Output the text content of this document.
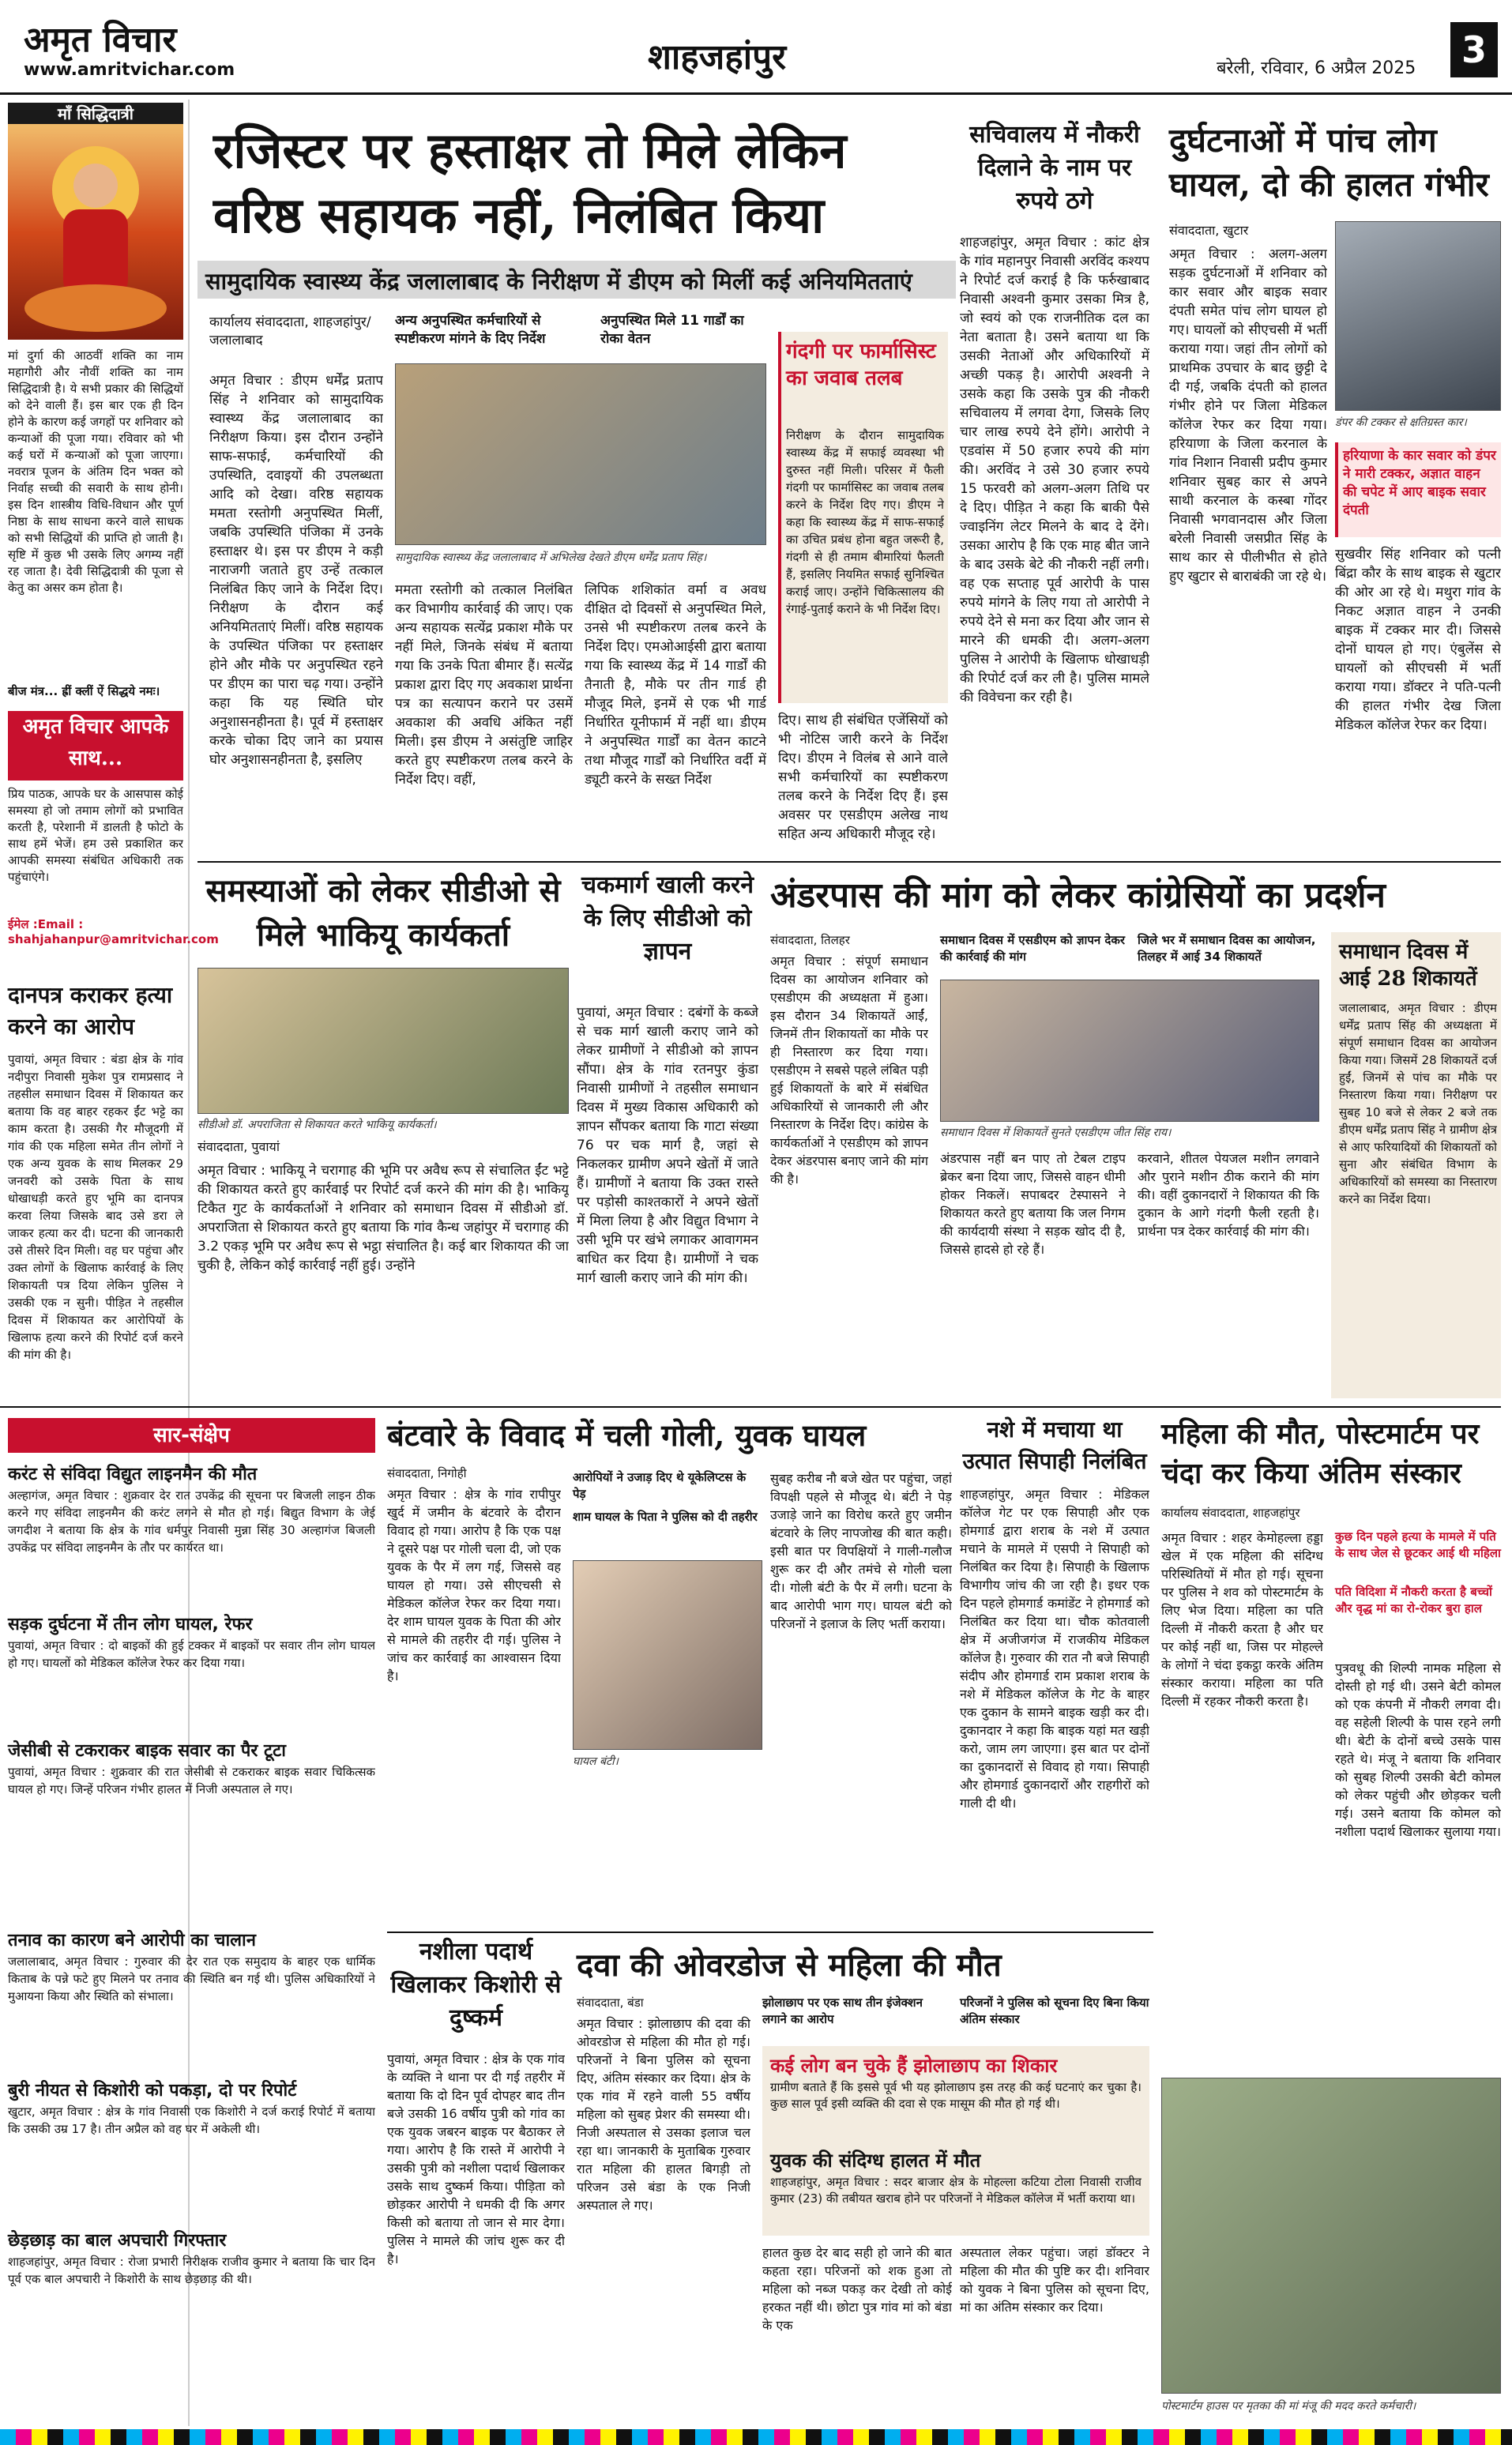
अमृत विचार
www.amritvichar.com	शाहजहांपुर	बरेली, रविवार, 6 अप्रैल 2025	3
माँ सिद्धिदात्री
मां दुर्गा की आठवीं शक्ति का नाम महागौरी और नौवीं शक्ति का नाम सिद्धिदात्री है। ये सभी प्रकार की सिद्धियों को देने वाली हैं। इस बार एक ही दिन होने के कारण कई जगहों पर शनिवार को कन्याओं की पूजा गया। रविवार को भी कई घरों में कन्याओं को पूजा जाएगा। नवरात्र पूजन के अंतिम दिन भक्त को निर्वाह सच्ची की सवारी के साथ होनी। इस दिन शास्त्रीय विधि-विधान और पूर्ण निष्ठा के साथ साधना करने वाले साधक को सभी सिद्धियों की प्राप्ति हो जाती है। सृष्टि में कुछ भी उसके लिए अगम्य नहीं रह जाता है। देवी सिद्धिदात्री की पूजा से केतु का असर कम होता है।
बीज मंत्र... ह्रीं क्लीं ऐं सिद्धये नमः।
अमृत विचार आपके साथ...
प्रिय पाठक, आपके घर के आसपास कोई समस्या हो जो तमाम लोगों को प्रभावित करती है, परेशानी में डालती है फोटो के साथ हमें भेजें। हम उसे प्रकाशित कर आपकी समस्या संबंधित अधिकारी तक पहुंचाएंगे।
ईमेल :Email : shahjahanpur@amritvichar.com
दानपत्र कराकर हत्या करने का आरोप
पुवायां, अमृत विचार : बंडा क्षेत्र के गांव नदीपुरा निवासी मुकेश पुत्र रामप्रसाद ने तहसील समाधान दिवस में शिकायत कर बताया कि वह बाहर रहकर ईंट भट्टे का काम करता है। उसकी गैर मौजूदगी में गांव की एक महिला समेत तीन लोगों ने एक अन्य युवक के साथ मिलकर 29 जनवरी को उसके पिता के साथ धोखाधड़ी करते हुए भूमि का दानपत्र करवा लिया जिसके बाद उसे डरा ले जाकर हत्या कर दी। घटना की जानकारी उसे तीसरे दिन मिली। वह घर पहुंचा और उक्त लोगों के खिलाफ कार्रवाई के लिए शिकायती पत्र दिया लेकिन पुलिस ने उसकी एक न सुनी। पीड़ित ने तहसील दिवस में शिकायत कर आरोपियों के खिलाफ हत्या करने की रिपोर्ट दर्ज करने की मांग की है।
रजिस्टर पर हस्ताक्षर तो मिले लेकिन वरिष्ठ सहायक नहीं, निलंबित किया
सामुदायिक स्वास्थ्य केंद्र जलालाबाद के निरीक्षण में डीएम को मिलीं कई अनियमितताएं
कार्यालय संवाददाता, शाहजहांपुर/जलालाबाद
अन्य अनुपस्थित कर्मचारियों से स्पष्टीकरण मांगने के दिए निर्देश
अनुपस्थित मिले 11 गार्डों का रोका वेतन
सामुदायिक स्वास्थ्य केंद्र जलालाबाद में अभिलेख देखते डीएम धर्मेंद्र प्रताप सिंह।
अमृत विचार : डीएम धर्मेंद्र प्रताप सिंह ने शनिवार को सामुदायिक स्वास्थ्य केंद्र जलालाबाद का निरीक्षण किया। इस दौरान उन्होंने साफ-सफाई, कर्मचारियों की उपस्थिति, दवाइयों की उपलब्धता आदि को देखा। वरिष्ठ सहायक ममता रस्तोगी अनुपस्थित मिलीं, जबकि उपस्थिति पंजिका में उनके हस्ताक्षर थे। इस पर डीएम ने कड़ी नाराजगी जताते हुए उन्हें तत्काल निलंबित किए जाने के निर्देश दिए। निरीक्षण के दौरान कई अनियमितताएं मिलीं। वरिष्ठ सहायक के उपस्थित पंजिका पर हस्ताक्षर होने और मौके पर अनुपस्थित रहने पर डीएम का पारा चढ़ गया। उन्होंने कहा कि यह स्थिति घोर अनुशासनहीनता है। पूर्व में हस्ताक्षर करके चोका दिए जाने का प्रयास घोर अनुशासनहीनता है, इसलिए
ममता रस्तोगी को तत्काल निलंबित कर विभागीय कार्रवाई की जाए। एक अन्य सहायक सत्येंद्र प्रकाश मौके पर नहीं मिले, जिनके संबंध में बताया गया कि उनके पिता बीमार हैं। सत्येंद्र प्रकाश द्वारा दिए गए अवकाश प्रार्थना पत्र का सत्यापन कराने पर उसमें अवकाश की अवधि अंकित नहीं मिली। इस डीएम ने असंतुष्टि जाहिर करते हुए स्पष्टीकरण तलब करने के निर्देश दिए। वहीं,
लिपिक शशिकांत वर्मा व अवध दीक्षित दो दिवसों से अनुपस्थित मिले, उनसे भी स्पष्टीकरण तलब करने के निर्देश दिए। एमओआईसी द्वारा बताया गया कि स्वास्थ्य केंद्र में 14 गार्डों की तैनाती है, मौके पर तीन गार्ड ही मौजूद मिले, इनमें से एक भी गार्ड निर्धारित यूनीफार्म में नहीं था। डीएम ने अनुपस्थित गार्डों का वेतन काटने तथा मौजूद गार्डों को निर्धारित वर्दी में ड्यूटी करने के सख्त निर्देश
गंदगी पर फार्मासिस्ट का जवाब तलब
निरीक्षण के दौरान सामुदायिक स्वास्थ्य केंद्र में सफाई व्यवस्था भी दुरुस्त नहीं मिली। परिसर में फैली गंदगी पर फार्मासिस्ट का जवाब तलब करने के निर्देश दिए गए। डीएम ने कहा कि स्वास्थ्य केंद्र में साफ-सफाई का उचित प्रबंध होना बहुत जरूरी है, गंदगी से ही तमाम बीमारियां फैलती हैं, इसलिए नियमित सफाई सुनिश्चित कराई जाए। उन्होंने चिकित्सालय की रंगाई-पुताई कराने के भी निर्देश दिए।
दिए। साथ ही संबंधित एजेंसियों को भी नोटिस जारी करने के निर्देश दिए। डीएम ने विलंब से आने वाले सभी कर्मचारियों का स्पष्टीकरण तलब करने के निर्देश दिए हैं। इस अवसर पर एसडीएम अलेख नाथ सहित अन्य अधिकारी मौजूद रहे।
सचिवालय में नौकरी दिलाने के नाम पर रुपये ठगे
शाहजहांपुर, अमृत विचार : कांट क्षेत्र के गांव महानपुर निवासी अरविंद कश्यप ने रिपोर्ट दर्ज कराई है कि फर्रुखाबाद निवासी अश्वनी कुमार उसका मित्र है, जो स्वयं को एक राजनीतिक दल का नेता बताता है। उसने बताया था कि उसकी नेताओं और अधिकारियों में अच्छी पकड़ है। आरोपी अश्वनी ने उसके कहा कि उसके पुत्र की नौकरी सचिवालय में लगवा देगा, जिसके लिए चार लाख रुपये देने होंगे। आरोपी ने एडवांस में 50 हजार रुपये की मांग की। अरविंद ने उसे 30 हजार रुपये 15 फरवरी को अलग-अलग तिथि पर दे दिए। पीड़ित ने कहा कि बाकी पैसे ज्वाइनिंग लेटर मिलने के बाद दे देंगे। उसका आरोप है कि एक माह बीत जाने के बाद उसके बेटे की नौकरी नहीं लगी। वह एक सप्ताह पूर्व आरोपी के पास रुपये मांगने के लिए गया तो आरोपी ने रुपये देने से मना कर दिया और जान से मारने की धमकी दी। अलग-अलग पुलिस ने आरोपी के खिलाफ धोखाधड़ी की रिपोर्ट दर्ज कर ली है। पुलिस मामले की विवेचना कर रही है।
दुर्घटनाओं में पांच लोग घायल, दो की हालत गंभीर
संवाददाता, खुटार
डंपर की टक्कर से क्षतिग्रस्त कार।
अमृत विचार : अलग-अलग सड़क दुर्घटनाओं में शनिवार को कार सवार और बाइक सवार दंपती समेत पांच लोग घायल हो गए। घायलों को सीएचसी में भर्ती कराया गया। जहां तीन लोगों को प्राथमिक उपचार के बाद छुट्टी दे दी गई, जबकि दंपती को हालत गंभीर होने पर जिला मेडिकल कॉलेज रेफर कर दिया गया। हरियाणा के जिला करनाल के गांव निशान निवासी प्रदीप कुमार शनिवार सुबह कार से अपने साथी करनाल के कस्बा गोंदर निवासी भगवानदास और जिला बरेली निवासी जसप्रीत सिंह के साथ कार से पीलीभीत से होते हुए खुटार से बाराबंकी जा रहे थे।
हरियाणा के कार सवार को डंपर ने मारी टक्कर, अज्ञात वाहन की चपेट में आए बाइक सवार दंपती
सुखवीर सिंह शनिवार को पत्नी बिंद्रा कौर के साथ बाइक से खुटार की ओर आ रहे थे। मथुरा गांव के निकट अज्ञात वाहन ने उनकी बाइक में टक्कर मार दी। जिससे दोनों घायल हो गए। एंबुलेंस से घायलों को सीएचसी में भर्ती कराया गया। डॉक्टर ने पति-पत्नी की हालत गंभीर देख जिला मेडिकल कॉलेज रेफर कर दिया।
समस्याओं को लेकर सीडीओ से मिले भाकियू कार्यकर्ता
सीडीओ डॉ. अपराजिता से शिकायत करते भाकियू कार्यकर्ता।
संवाददाता, पुवायां
अमृत विचार : भाकियू ने चरागाह की भूमि पर अवैध रूप से संचालित ईंट भट्टे की शिकायत करते हुए कार्रवाई पर रिपोर्ट दर्ज करने की मांग की है। भाकियू टिकैत गुट के कार्यकर्ताओं ने शनिवार को समाधान दिवस में सीडीओ डॉ. अपराजिता से शिकायत करते हुए बताया कि गांव कैन्ध जहांपुर में चरागाह की 3.2 एकड़ भूमि पर अवैध रूप से भट्ठा संचालित है। कई बार शिकायत की जा चुकी है, लेकिन कोई कार्रवाई नहीं हुई। उन्होंने
चकमार्ग खाली करने के लिए सीडीओ को ज्ञापन
पुवायां, अमृत विचार : दबंगों के कब्जे से चक मार्ग खाली कराए जाने को लेकर ग्रामीणों ने सीडीओ को ज्ञापन सौंपा। क्षेत्र के गांव रतनपुर कुंडा निवासी ग्रामीणों ने तहसील समाधान दिवस में मुख्य विकास अधिकारी को ज्ञापन सौंपकर बताया कि गाटा संख्या 76 पर चक मार्ग है, जहां से निकलकर ग्रामीण अपने खेतों में जाते हैं। ग्रामीणों ने बताया कि उक्त रास्ते पर पड़ोसी काश्तकारों ने अपने खेतों में मिला लिया है और विद्युत विभाग ने उसी भूमि पर खंभे लगाकर आवागमन बाधित कर दिया है। ग्रामीणों ने चक मार्ग खाली कराए जाने की मांग की।
अंडरपास की मांग को लेकर कांग्रेसियों का प्रदर्शन
संवाददाता, तिलहर
अमृत विचार : संपूर्ण समाधान दिवस का आयोजन शनिवार को एसडीएम की अध्यक्षता में हुआ। इस दौरान 34 शिकायतें आईं, जिनमें तीन शिकायतों का मौके पर ही निस्तारण कर दिया गया। एसडीएम ने सबसे पहले लंबित पड़ी हुई शिकायतों के बारे में संबंधित अधिकारियों से जानकारी ली और निस्तारण के निर्देश दिए। कांग्रेस के कार्यकर्ताओं ने एसडीएम को ज्ञापन देकर अंडरपास बनाए जाने की मांग की है।
समाधान दिवस में एसडीएम को ज्ञापन देकर की कार्रवाई की मांग
जिले भर में समाधान दिवस का आयोजन, तिलहर में आई 34 शिकायतें
समाधान दिवस में शिकायतें सुनते एसडीएम जीत सिंह राय।
अंडरपास नहीं बन पाए तो टेबल टाइप ब्रेकर बना दिया जाए, जिससे वाहन धीमी होकर निकलें। सपाबदर टेस्पासने ने शिकायत करते हुए बताया कि जल निगम की कार्यदायी संस्था ने सड़क खोद दी है, जिससे हादसे हो रहे हैं।
करवाने, शीतल पेयजल मशीन लगवाने और पुराने मशीन ठीक कराने की मांग की। वहीं दुकानदारों ने शिकायत की कि दुकान के आगे गंदगी फैली रहती है। प्रार्थना पत्र देकर कार्रवाई की मांग की।
समाधान दिवस में आई 28 शिकायतें
जलालाबाद, अमृत विचार : डीएम धर्मेंद्र प्रताप सिंह की अध्यक्षता में संपूर्ण समाधान दिवस का आयोजन किया गया। जिसमें 28 शिकायतें दर्ज हुईं, जिनमें से पांच का मौके पर निस्तारण किया गया। निरीक्षण पर सुबह 10 बजे से लेकर 2 बजे तक डीएम धर्मेंद्र प्रताप सिंह ने ग्रामीण क्षेत्र से आए फरियादियों की शिकायतों को सुना और संबंधित विभाग के अधिकारियों को समस्या का निस्तारण करने का निर्देश दिया।
सार-संक्षेप
करंट से संविदा विद्युत लाइनमैन की मौत
अल्हागंज, अमृत विचार : शुक्रवार देर रात उपकेंद्र की सूचना पर बिजली लाइन ठीक करने गए संविदा लाइनमैन की करंट लगने से मौत हो गई। बिद्युत विभाग के जेई जगदीश ने बताया कि क्षेत्र के गांव धर्मपुर निवासी मुन्ना सिंह 30 अल्हागंज बिजली उपकेंद्र पर संविदा लाइनमैन के तौर पर कार्यरत था।
सड़क दुर्घटना में तीन लोग घायल, रेफर
पुवायां, अमृत विचार : दो बाइकों की हुई टक्कर में बाइकों पर सवार तीन लोग घायल हो गए। घायलों को मेडिकल कॉलेज रेफर कर दिया गया।
जेसीबी से टकराकर बाइक सवार का पैर टूटा
पुवायां, अमृत विचार : शुक्रवार की रात जेसीबी से टकराकर बाइक सवार चिकित्सक घायल हो गए। जिन्हें परिजन गंभीर हालत में निजी अस्पताल ले गए।
तनाव का कारण बने आरोपी का चालान
जलालाबाद, अमृत विचार : गुरुवार की देर रात एक समुदाय के बाहर एक धार्मिक किताब के पन्ने फटे हुए मिलने पर तनाव की स्थिति बन गई थी। पुलिस अधिकारियों ने मुआयना किया और स्थिति को संभाला।
बुरी नीयत से किशोरी को पकड़ा, दो पर रिपोर्ट
खुटार, अमृत विचार : क्षेत्र के गांव निवासी एक किशोरी ने दर्ज कराई रिपोर्ट में बताया कि उसकी उम्र 17 है। तीन अप्रैल को वह घर में अकेली थी।
छेड़छाड़ का बाल अपचारी गिरफ्तार
शाहजहांपुर, अमृत विचार : रोजा प्रभारी निरीक्षक राजीव कुमार ने बताया कि चार दिन पूर्व एक बाल अपचारी ने किशोरी के साथ छेड़छाड़ की थी।
बंटवारे के विवाद में चली गोली, युवक घायल
संवाददाता, निगोही
अमृत विचार : क्षेत्र के गांव रापीपुर खुर्द में जमीन के बंटवारे के दौरान विवाद हो गया। आरोप है कि एक पक्ष ने दूसरे पक्ष पर गोली चला दी, जो एक युवक के पैर में लग गई, जिससे वह घायल हो गया। उसे सीएचसी से मेडिकल कॉलेज रेफर कर दिया गया। देर शाम घायल युवक के पिता की ओर से मामले की तहरीर दी गई। पुलिस ने जांच कर कार्रवाई का आश्वासन दिया है।
आरोपियों ने उजाड़ दिए थे यूकेलिप्टस के पेड़
शाम घायल के पिता ने पुलिस को दी तहरीर
घायल बंटी।
सुबह करीब नौ बजे खेत पर पहुंचा, जहां विपक्षी पहले से मौजूद थे। बंटी ने पेड़ उजाड़े जाने का विरोध करते हुए जमीन बंटवारे के लिए नापजोख की बात कही। इसी बात पर विपक्षियों ने गाली-गलौज शुरू कर दी और तमंचे से गोली चला दी। गोली बंटी के पैर में लगी। घटना के बाद आरोपी भाग गए। घायल बंटी को परिजनों ने इलाज के लिए भर्ती कराया।
नशे में मचाया था उत्पात सिपाही निलंबित
शाहजहांपुर, अमृत विचार : मेडिकल कॉलेज गेट पर एक सिपाही और एक होमगार्ड द्वारा शराब के नशे में उत्पात मचाने के मामले में एसपी ने सिपाही को निलंबित कर दिया है। सिपाही के खिलाफ विभागीय जांच की जा रही है। इधर एक दिन पहले होमगार्ड कमांडेंट ने होमगार्ड को निलंबित कर दिया था। चौक कोतवाली क्षेत्र में अजीजगंज में राजकीय मेडिकल कॉलेज है। गुरुवार की रात नौ बजे सिपाही संदीप और होमगार्ड राम प्रकाश शराब के नशे में मेडिकल कॉलेज के गेट के बाहर एक दुकान के सामने बाइक खड़ी कर दी। दुकानदार ने कहा कि बाइक यहां मत खड़ी करो, जाम लग जाएगा। इस बात पर दोनों का दुकानदारों से विवाद हो गया। सिपाही और होमगार्ड दुकानदारों और राहगीरों को गाली दी थी।
महिला की मौत, पोस्टमार्टम पर चंदा कर किया अंतिम संस्कार
कार्यालय संवाददाता, शाहजहांपुर
अमृत विचार : शहर केमोहल्ला हड्डा खेल में एक महिला की संदिग्ध परिस्थितियों में मौत हो गई। सूचना पर पुलिस ने शव को पोस्टमार्टम के लिए भेज दिया। महिला का पति दिल्ली में नौकरी करता है और घर पर कोई नहीं था, जिस पर मोहल्ले के लोगों ने चंदा इकट्ठा करके अंतिम संस्कार कराया। महिला का पति दिल्ली में रहकर नौकरी करता है।
कुछ दिन पहले हत्या के मामले में पति के साथ जेल से छूटकर आई थी महिला
पति विदिशा में नौकरी करता है बच्चों और वृद्ध मां का रो-रोकर बुरा हाल
पुत्रवधू की शिल्पी नामक महिला से दोस्ती हो गई थी। उसने बेटी कोमल को एक कंपनी में नौकरी लगवा दी। वह सहेली शिल्पी के पास रहने लगी थी। बेटी के दोनों बच्चे उसके पास रहते थे। मंजू ने बताया कि शनिवार को सुबह शिल्पी उसकी बेटी कोमल को लेकर पहुंची और छोड़कर चली गई। उसने बताया कि कोमल को नशीला पदार्थ खिलाकर सुलाया गया।
पोस्टमार्टम हाउस पर मृतका की मां मंजू की मदद करते कर्मचारी।
नशीला पदार्थ खिलाकर किशोरी से दुष्कर्म
पुवायां, अमृत विचार : क्षेत्र के एक गांव के व्यक्ति ने थाना पर दी गई तहरीर में बताया कि दो दिन पूर्व दोपहर बाद तीन बजे उसकी 16 वर्षीय पुत्री को गांव का एक युवक जबरन बाइक पर बैठाकर ले गया। आरोप है कि रास्ते में आरोपी ने उसकी पुत्री को नशीला पदार्थ खिलाकर उसके साथ दुष्कर्म किया। पीड़िता को छोड़कर आरोपी ने धमकी दी कि अगर किसी को बताया तो जान से मार देगा। पुलिस ने मामले की जांच शुरू कर दी है।
दवा की ओवरडोज से महिला की मौत
संवाददाता, बंडा
अमृत विचार : झोलाछाप की दवा की ओवरडोज से महिला की मौत हो गई। परिजनों ने बिना पुलिस को सूचना दिए, अंतिम संस्कार कर दिया। क्षेत्र के एक गांव में रहने वाली 55 वर्षीय महिला को सुबह प्रेशर की समस्या थी। निजी अस्पताल से उसका इलाज चल रहा था। जानकारी के मुताबिक गुरुवार रात महिला की हालत बिगड़ी तो परिजन उसे बंडा के एक निजी अस्पताल ले गए।
झोलाछाप पर एक साथ तीन इंजेक्शन लगाने का आरोप
परिजनों ने पुलिस को सूचना दिए बिना किया अंतिम संस्कार
कई लोग बन चुके हैं झोलाछाप का शिकार
ग्रामीण बताते हैं कि इससे पूर्व भी यह झोलाछाप इस तरह की कई घटनाएं कर चुका है। कुछ साल पूर्व इसी व्यक्ति की दवा से एक मासूम की मौत हो गई थी।
युवक की संदिग्ध हालत में मौत
शाहजहांपुर, अमृत विचार : सदर बाजार क्षेत्र के मोहल्ला कटिया टोला निवासी राजीव कुमार (23) की तबीयत खराब होने पर परिजनों ने मेडिकल कॉलेज में भर्ती कराया था।
हालत कुछ देर बाद सही हो जाने की बात कहता रहा। परिजनों को शक हुआ तो महिला को नब्ज पकड़ कर देखी तो कोई हरकत नहीं थी। छोटा पुत्र गांव मां को बंडा के एक
अस्पताल लेकर पहुंचा। जहां डॉक्टर ने महिला की मौत की पुष्टि कर दी। शनिवार को युवक ने बिना पुलिस को सूचना दिए, मां का अंतिम संस्कार कर दिया।
